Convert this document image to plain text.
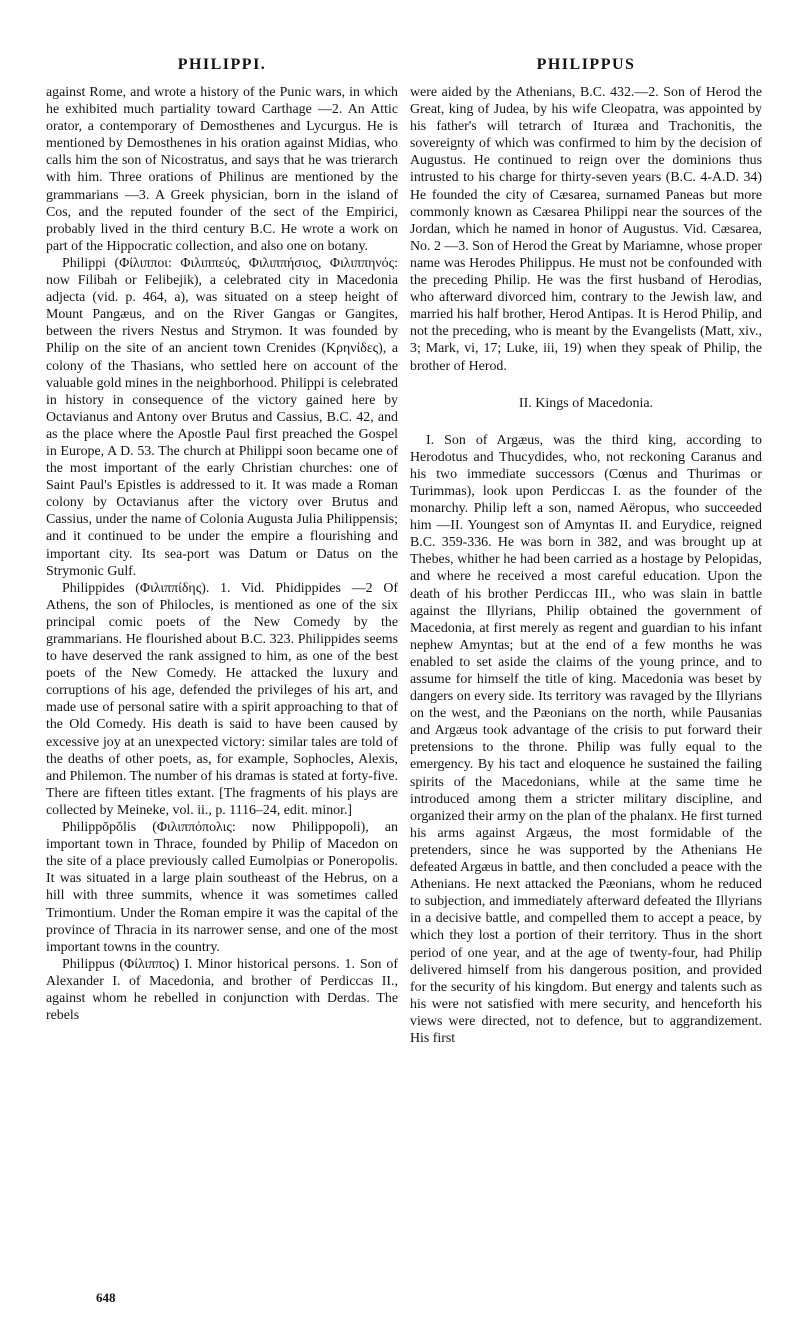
PHILIPPI.	PHILIPPUS

against Rome, and wrote a history of the Punic wars, in which he exhibited much partiality toward Carthage —2. An Attic orator, a contemporary of Demosthenes and Lycurgus. He is mentioned by Demosthenes in his oration against Midias, who calls him the son of Nicostratus, and says that he was trierarch with him. Three orations of Philinus are mentioned by the grammarians —3. A Greek physician, born in the island of Cos, and the reputed founder of the sect of the Empirici, probably lived in the third century B.C. He wrote a work on part of the Hippocratic collection, and also one on botany.

Philippi (Φίλιπποι: Φιλιππεύς, Φιλιππήσιος, Φιλιππηνός: now Filibah or Felibejik), a celebrated city in Macedonia adjecta (vid. p. 464, a), was situated on a steep height of Mount Pangæus, and on the River Gangas or Gangites, between the rivers Nestus and Strymon. It was founded by Philip on the site of an ancient town Crenides (Κρηνίδες), a colony of the Thasians, who settled here on account of the valuable gold mines in the neighborhood. Philippi is celebrated in history in consequence of the victory gained here by Octavianus and Antony over Brutus and Cassius, B.C. 42, and as the place where the Apostle Paul first preached the Gospel in Europe, A D. 53. The church at Philippi soon became one of the most important of the early Christian churches: one of Saint Paul's Epistles is addressed to it. It was made a Roman colony by Octavianus after the victory over Brutus and Cassius, under the name of Colonia Augusta Julia Philippensis; and it continued to be under the empire a flourishing and important city. Its sea-port was Datum or Datus on the Strymonic Gulf.

Philippides (Φιλιππίδης). 1. Vid. Phidippides —2 Of Athens, the son of Philocles, is mentioned as one of the six principal comic poets of the New Comedy by the grammarians. He flourished about B.C. 323. Philippides seems to have deserved the rank assigned to him, as one of the best poets of the New Comedy. He attacked the luxury and corruptions of his age, defended the privileges of his art, and made use of personal satire with a spirit approaching to that of the Old Comedy. His death is said to have been caused by excessive joy at an unexpected victory: similar tales are told of the deaths of other poets, as, for example, Sophocles, Alexis, and Philemon. The number of his dramas is stated at forty-five. There are fifteen titles extant. [The fragments of his plays are collected by Meineke, vol. ii., p. 1116–24, edit. minor.]

Philippŏpŏlis (Φιλιππόπολις: now Philippopoli), an important town in Thrace, founded by Philip of Macedon on the site of a place previously called Eumolpias or Poneropolis. It was situated in a large plain southeast of the Hebrus, on a hill with three summits, whence it was sometimes called Trimontium. Under the Roman empire it was the capital of the province of Thracia in its narrower sense, and one of the most important towns in the country.

Philippus (Φίλιππος) I. Minor historical persons. 1. Son of Alexander I. of Macedonia, and brother of Perdiccas II., against whom he rebelled in conjunction with Derdas. The rebels

were aided by the Athenians, B.C. 432.—2. Son of Herod the Great, king of Judea, by his wife Cleopatra, was appointed by his father's will tetrarch of Ituræa and Trachonitis, the sovereignty of which was confirmed to him by the decision of Augustus. He continued to reign over the dominions thus intrusted to his charge for thirty-seven years (B.C. 4-A.D. 34) He founded the city of Cæsarea, surnamed Paneas but more commonly known as Cæsarea Philippi near the sources of the Jordan, which he named in honor of Augustus. Vid. Cæsarea, No. 2 —3. Son of Herod the Great by Mariamne, whose proper name was Herodes Philippus. He must not be confounded with the preceding Philip. He was the first husband of Herodias, who afterward divorced him, contrary to the Jewish law, and married his half brother, Herod Antipas. It is Herod Philip, and not the preceding, who is meant by the Evangelists (Matt, xiv., 3; Mark, vi, 17; Luke, iii, 19) when they speak of Philip, the brother of Herod.

II. Kings of Macedonia.

I. Son of Argæus, was the third king, according to Herodotus and Thucydides, who, not reckoning Caranus and his two immediate successors (Cœnus and Thurimas or Turimmas), look upon Perdiccas I. as the founder of the monarchy. Philip left a son, named Aëropus, who succeeded him —II. Youngest son of Amyntas II. and Eurydice, reigned B.C. 359-336. He was born in 382, and was brought up at Thebes, whither he had been carried as a hostage by Pelopidas, and where he received a most careful education. Upon the death of his brother Perdiccas III., who was slain in battle against the Illyrians, Philip obtained the government of Macedonia, at first merely as regent and guardian to his infant nephew Amyntas; but at the end of a few months he was enabled to set aside the claims of the young prince, and to assume for himself the title of king. Macedonia was beset by dangers on every side. Its territory was ravaged by the Illyrians on the west, and the Pæonians on the north, while Pausanias and Argæus took advantage of the crisis to put forward their pretensions to the throne. Philip was fully equal to the emergency. By his tact and eloquence he sustained the failing spirits of the Macedonians, while at the same time he introduced among them a stricter military discipline, and organized their army on the plan of the phalanx. He first turned his arms against Argæus, the most formidable of the pretenders, since he was supported by the Athenians He defeated Argæus in battle, and then concluded a peace with the Athenians. He next attacked the Pæonians, whom he reduced to subjection, and immediately afterward defeated the Illyrians in a decisive battle, and compelled them to accept a peace, by which they lost a portion of their territory. Thus in the short period of one year, and at the age of twenty-four, had Philip delivered himself from his dangerous position, and provided for the security of his kingdom. But energy and talents such as his were not satisfied with mere security, and henceforth his views were directed, not to defence, but to aggrandizement. His first

648
